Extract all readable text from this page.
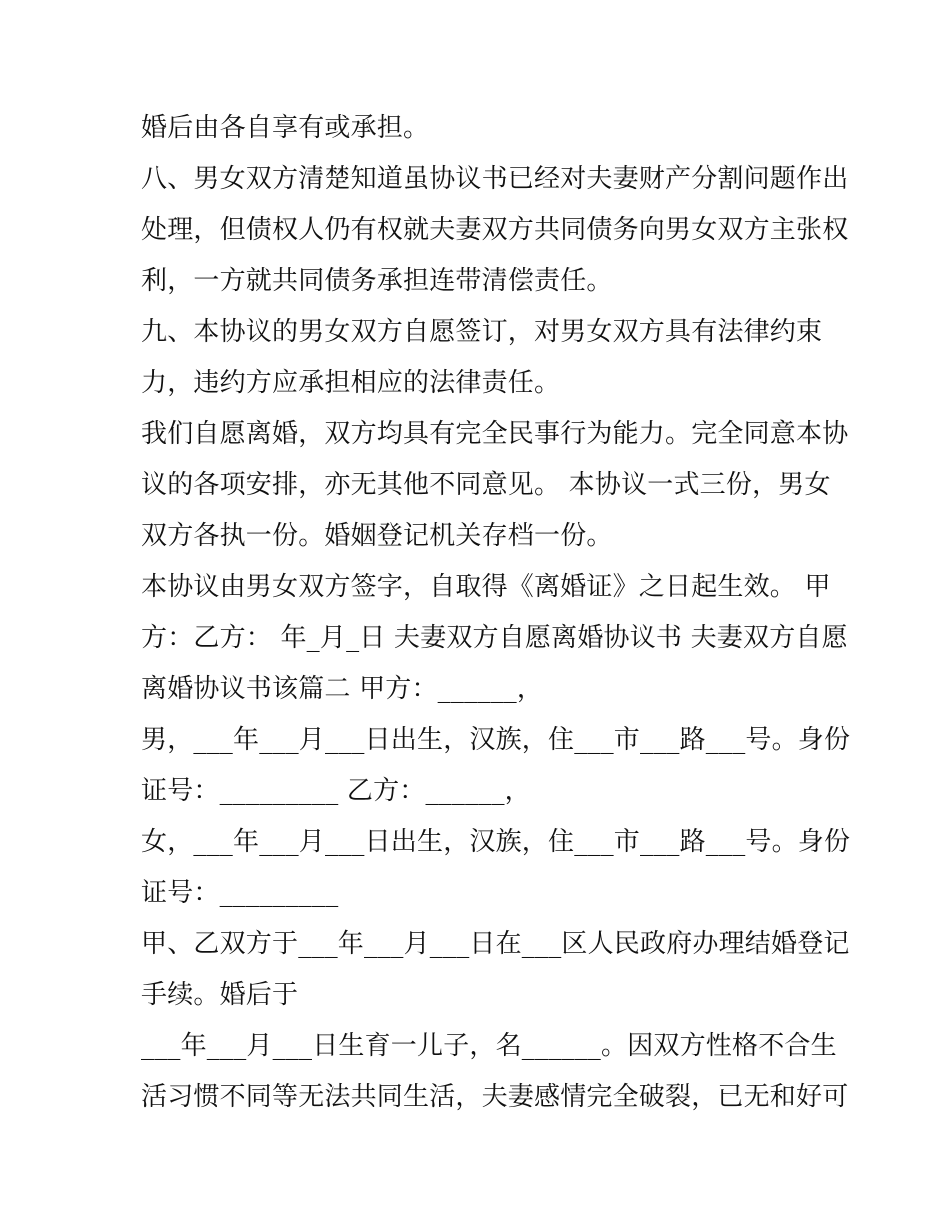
婚后由各自享有或承担。

八、男女双方清楚知道虽协议书已经对夫妻财产分割问题作出

处理，但债权人仍有权就夫妻双方共同债务向男女双方主张权

利，一方就共同债务承担连带清偿责任。

九、本协议的男女双方自愿签订，对男女双方具有法律约束

力，违约方应承担相应的法律责任。

我们自愿离婚，双方均具有完全民事行为能力。完全同意本协

议的各项安排，亦无其他不同意见。 本协议一式三份，男女

双方各执一份。婚姻登记机关存档一份。

本协议由男女双方签字，自取得《离婚证》之日起生效。 甲

方：乙方： 年_月_日 夫妻双方自愿离婚协议书 夫妻双方自愿

离婚协议书该篇二 甲方：______，

男，___年___月___日出生，汉族，住___市___路___号。身份

证号：_________ 乙方：______，

女，___年___月___日出生，汉族，住___市___路___号。身份

证号：_________

甲、乙双方于___年___月___日在___区人民政府办理结婚登记

手续。婚后于

___年___月___日生育一儿子，名______。因双方性格不合生

活习惯不同等无法共同生活，夫妻感情完全破裂，已无和好可
